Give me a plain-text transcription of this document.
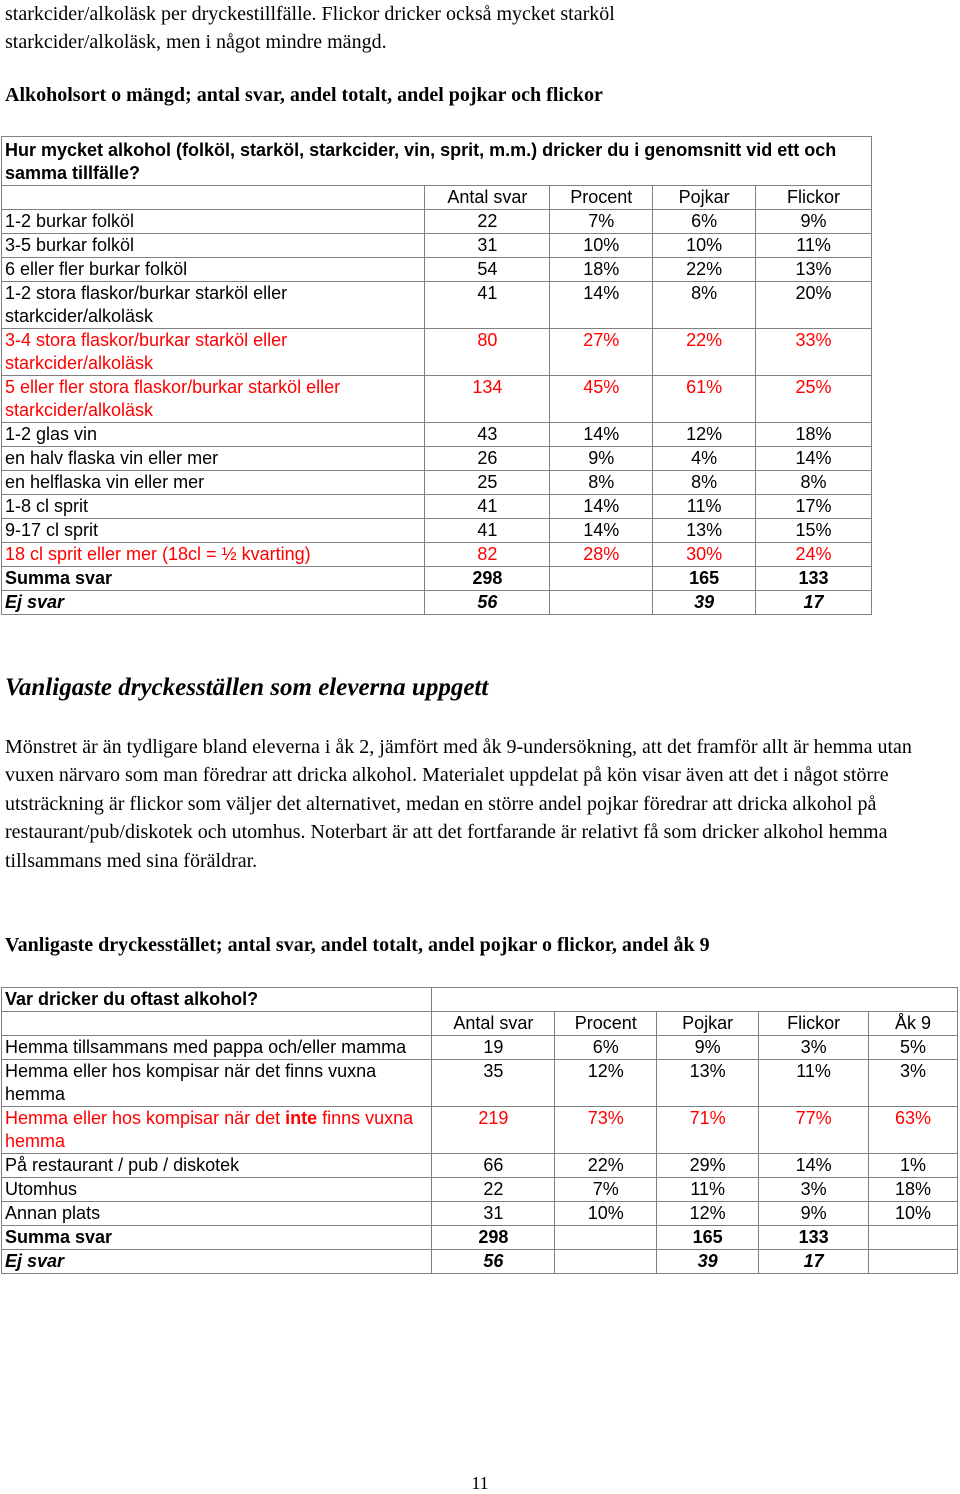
starkcider/alkoläsk per dryckestillfälle. Flickor dricker också mycket starköl
starkcider/alkoläsk, men i något mindre mängd.
Alkoholsort o mängd; antal svar, andel totalt, andel pojkar och flickor
Hur mycket alkohol (folköl, starköl, starkcider, vin, sprit, m.m.) dricker du i genomsnitt vid ett och samma tillfälle?				

	Antal svar	Procent	Pojkar	Flickor
1-2 burkar folköl	22	7%	6%	9%
3-5 burkar folköl	31	10%	10%	11%
6 eller fler burkar folköl	54	18%	22%	13%
1-2 stora flaskor/burkar starköl eller starkcider/alkoläsk	41	14%	8%	20%
3-4 stora flaskor/burkar starköl eller starkcider/alkoläsk	80	27%	22%	33%
5 eller fler stora flaskor/burkar starköl eller starkcider/alkoläsk	134	45%	61%	25%
1-2 glas vin	43	14%	12%	18%
en halv flaska vin eller mer	26	9%	4%	14%
en helflaska vin eller mer	25	8%	8%	8%
1-8 cl sprit	41	14%	11%	17%
9-17 cl sprit	41	14%	13%	15%
18 cl sprit eller mer (18cl = ½ kvarting)	82	28%	30%	24%
Summa svar	298		165	133
Ej svar	56		39	17
Vanligaste dryckesställen som eleverna uppgett
Mönstret är än tydligare bland eleverna i åk 2, jämfört med åk 9-undersökning, att det framför allt är hemma utan vuxen närvaro som man föredrar att dricka alkohol. Materialet uppdelat på kön visar även att det i något större utsträckning är flickor som väljer det alternativet, medan en större andel pojkar föredrar att dricka alkohol på restaurant/pub/diskotek och utomhus. Noterbart är att det fortfarande är relativt få som dricker alkohol hemma tillsammans med sina föräldrar.
Vanligaste dryckesstället; antal svar, andel totalt, andel pojkar o flickor, andel åk 9
Var dricker du oftast alkohol?					
	Antal svar	Procent	Pojkar	Flickor	Åk 9
Hemma tillsammans med pappa och/eller mamma	19	6%	9%	3%	5%
Hemma eller hos kompisar när det finns vuxna hemma	35	12%	13%	11%	3%
Hemma eller hos kompisar när det inte finns vuxna hemma	219	73%	71%	77%	63%
På restaurant / pub / diskotek	66	22%	29%	14%	1%
Utomhus	22	7%	11%	3%	18%
Annan plats	31	10%	12%	9%	10%
Summa svar	298		165	133	
Ej svar	56		39	17	
11
